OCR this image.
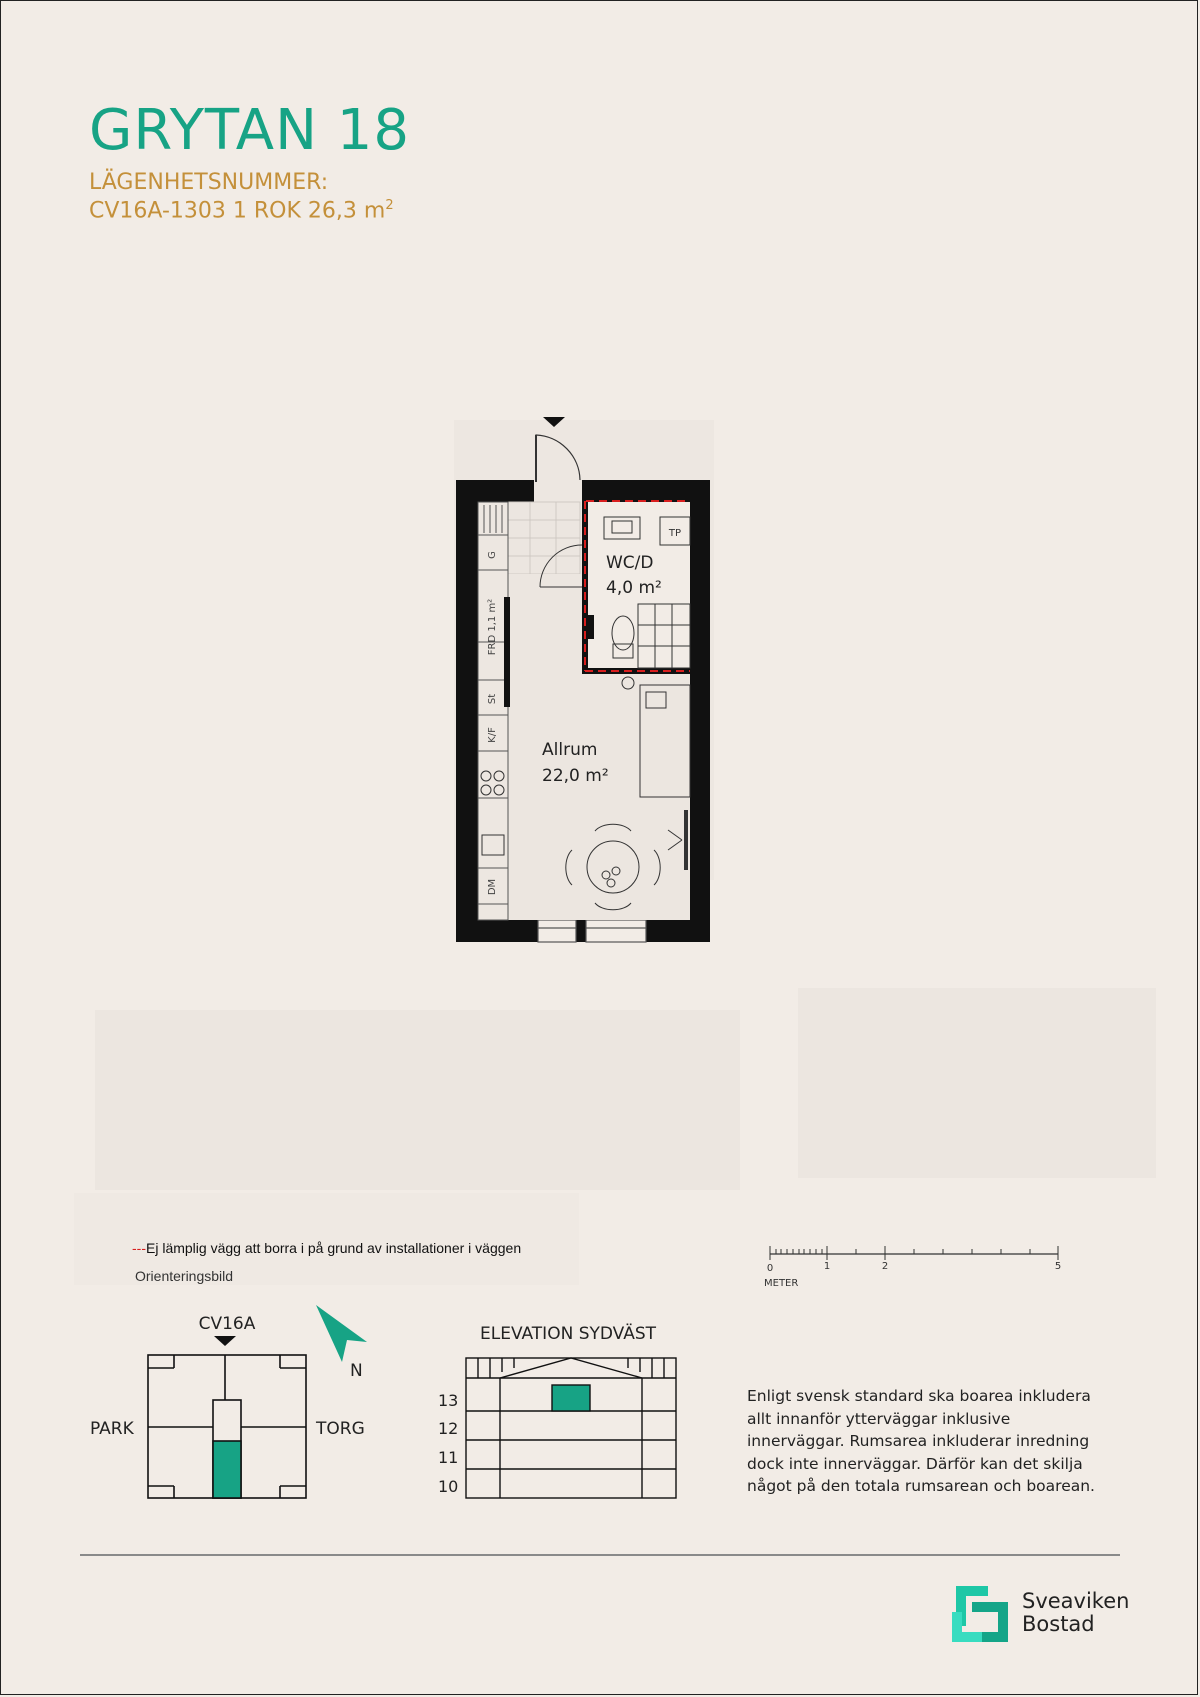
GRYTAN 18
LÄGENHETSNUMMER:
CV16A-1303 1 ROK 26,3 $m^2$
G
FRD 1,1 m²
St
K/F
DM
TP
WC/D
4,0 m²
Allrum
22,0 m²
---Ej lämplig vägg att borra i på grund av installationer i väggen
Orienteringsbild	0	1	2	5
METER
CV16A
PARK	TORG
N
ELEVATION SYDVÄST
13
12
11
10
Enligt svensk standard ska boarea inkludera allt innanför ytterväggar inklusive innerväggar. Rumsarea inkluderar inredning dock inte innerväggar. Därför kan det skilja något på den totala rumsarean och boarean.
Sveaviken
Bostad
